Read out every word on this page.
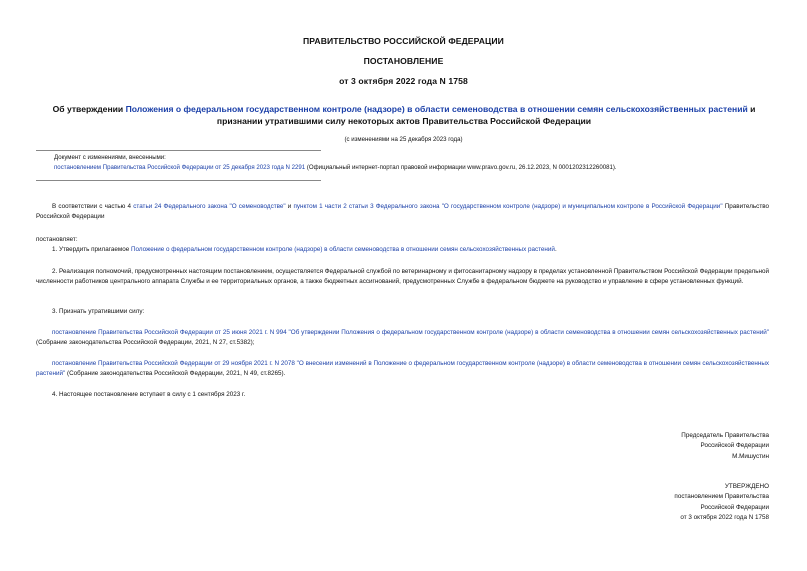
ПРАВИТЕЛЬСТВО РОССИЙСКОЙ ФЕДЕРАЦИИ
ПОСТАНОВЛЕНИЕ
от 3 октября 2022 года N 1758
Об утверждении Положения о федеральном государственном контроле (надзоре) в области семеноводства в отношении семян сельскохозяйственных растений и признании утратившими силу некоторых актов Правительства Российской Федерации
(с изменениями на 25 декабря 2023 года)
Документ с изменениями, внесенными:
постановлением Правительства Российской Федерации от 25 декабря 2023 года N 2291 (Официальный интернет-портал правовой информации www.pravo.gov.ru, 26.12.2023, N 0001202312260081).
В соответствии с частью 4 статьи 24 Федерального закона "О семеноводстве" и пунктом 1 части 2 статьи 3 Федерального закона "О государственном контроле (надзоре) и муниципальном контроле в Российской Федерации" Правительство Российской Федерации
постановляет:
1. Утвердить прилагаемое Положение о федеральном государственном контроле (надзоре) в области семеноводства в отношении семян сельскохозяйственных растений.
2. Реализация полномочий, предусмотренных настоящим постановлением, осуществляется Федеральной службой по ветеринарному и фитосанитарному надзору в пределах установленной Правительством Российской Федерации предельной численности работников центрального аппарата Службы и ее территориальных органов, а также бюджетных ассигнований, предусмотренных Службе в федеральном бюджете на руководство и управление в сфере установленных функций.
3. Признать утратившими силу:
постановление Правительства Российской Федерации от 25 июня 2021 г. N 994 "Об утверждении Положения о федеральном государственном контроле (надзоре) в области семеноводства в отношении семян сельскохозяйственных растений" (Собрание законодательства Российской Федерации, 2021, N 27, ст.5382);
постановление Правительства Российской Федерации от 29 ноября 2021 г. N 2078 "О внесении изменений в Положение о федеральном государственном контроле (надзоре) в области семеноводства в отношении семян сельскохозяйственных растений" (Собрание законодательства Российской Федерации, 2021, N 49, ст.8265).
4. Настоящее постановление вступает в силу с 1 сентября 2023 г.
Председатель Правительства
Российской Федерации
М.Мишустин
УТВЕРЖДЕНО
постановлением Правительства
Российской Федерации
от 3 октября 2022 года N 1758
